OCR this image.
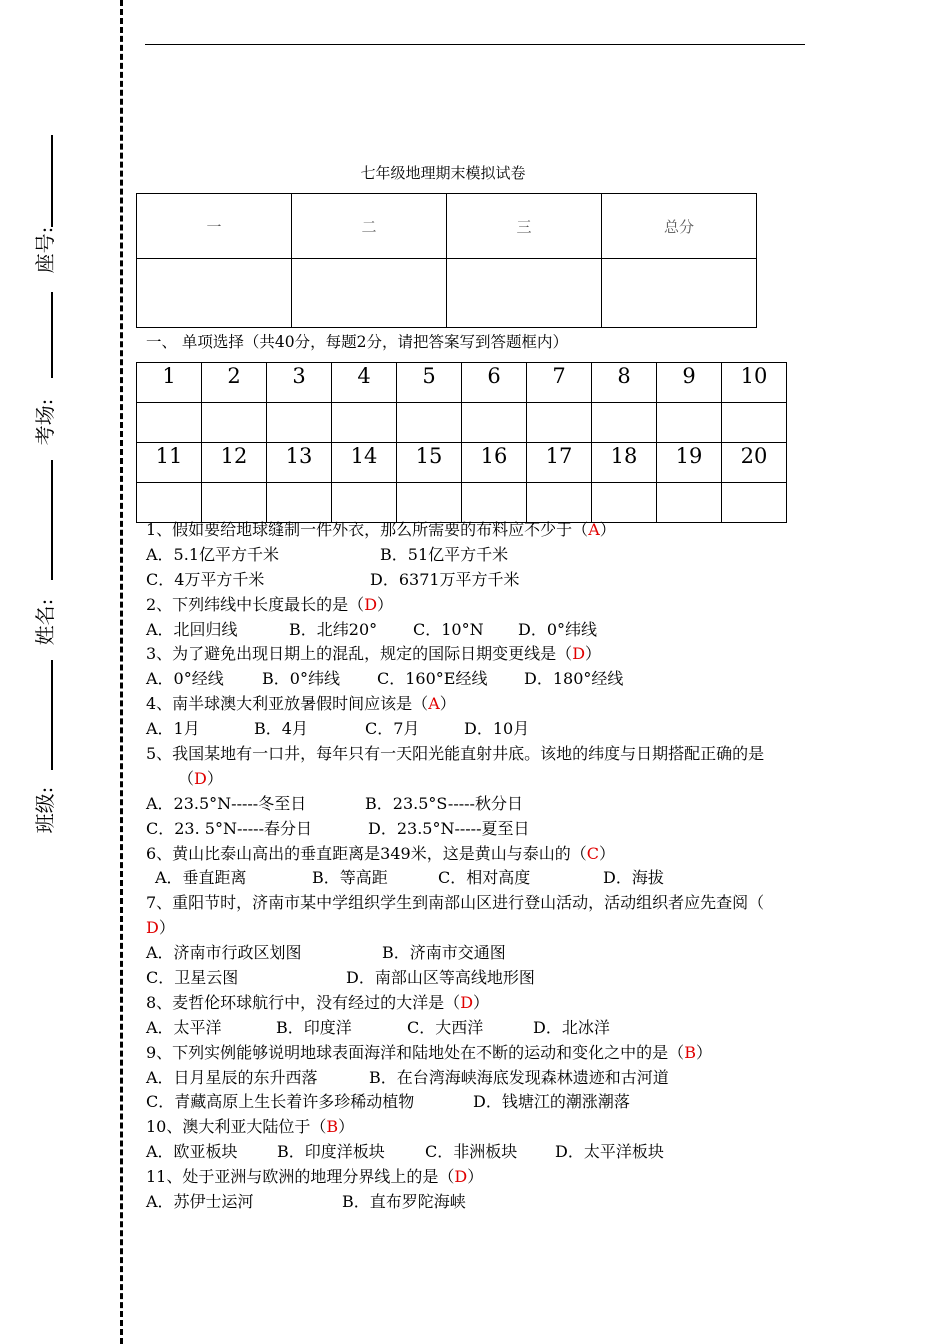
座号:
考场:
姓名:
班级:
七年级地理期末模拟试卷
一	二	三	总分

一、 单项选择（共40分，每题2分，请把答案写到答题框内）
1	2	3	4	5	6	7	8	9	10

11	12	13	14	15	16	17	18	19	20

1、假如要给地球缝制一件外衣，那么所需要的布料应不少于（A）
A．5.1亿平方千米	B．51亿平方千米
C．4万平方千米	D．6371万平方千米
2、下列纬线中长度最长的是（D）
A．北回归线	B．北纬20° C．10°N D．0°纬线
3、为了避免出现日期上的混乱，规定的国际日期变更线是（D）
A．0°经线 B．0°纬线 C．160°E经线 D．180°经线
4、南半球澳大利亚放暑假时间应该是（A）
A．1月	B．4月	C．7月	D．10月
5、我国某地有一口井，每年只有一天阳光能直射井底。该地的纬度与日期搭配正确的是
（D）
A．23.5°N-----冬至日	B．23.5°S-----秋分日
C．23. 5°N-----春分日	D．23.5°N-----夏至日
6、黄山比泰山高出的垂直距离是349米，这是黄山与泰山的（C）
A．垂直距离	B．等高距	C．相对高度	D．海拔
7、重阳节时，济南市某中学组织学生到南部山区进行登山活动，活动组织者应先查阅（
D）
A．济南市行政区划图	B．济南市交通图
C．卫星云图	D．南部山区等高线地形图
8、麦哲伦环球航行中，没有经过的大洋是（D）
A．太平洋	B．印度洋	C．大西洋	D．北冰洋
9、下列实例能够说明地球表面海洋和陆地处在不断的运动和变化之中的是（B）
A．日月星辰的东升西落	B．在台湾海峡海底发现森林遗迹和古河道
C．青藏高原上生长着许多珍稀动植物	D．钱塘江的潮涨潮落
10、澳大利亚大陆位于（B）
A．欧亚板块 B．印度洋板块	C．非洲板块 D．太平洋板块
11、处于亚洲与欧洲的地理分界线上的是（D）
A．苏伊士运河	B．直布罗陀海峡
